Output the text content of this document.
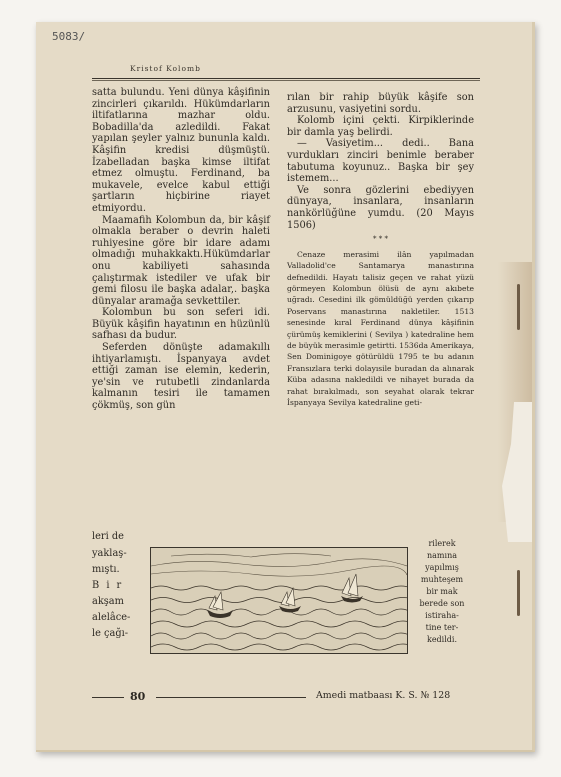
5083/
Kristof Kolomb

satta bulundu. Yeni dünya kâşifinin zincirleri çıkarıldı. Hükümdarların iltifatlarına mazhar oldu. Bobadilla'da azledildi. Fakat yapılan şeyler yalnız bununla kaldı. Kâşifin kredisi düşmüştü. İzabelladan başka kimse iltifat etmez olmuştu. Ferdinand, ba mukavele, evelce kabul ettiği şartların hiçbirine riayet etmiyordu.

Maamafih Kolombun da, bir kâşif olmakla beraber o devrin haleti ruhiyesine göre bir idare adamı olmadığı muhakkaktı.Hükümdarlar onu kabiliyeti sahasında çalıştırmak istediler ve ufak bir gemi filosu ile başka adalar,. başka dünyalar aramağa sevkettiler.

Kolombun bu son seferi idi. Büyük kâşifin hayatının en hüzünlü safhası da budur.

Seferden dönüşte adamakıllı ihtiyarlamıştı. İspanyaya avdet ettiği zaman ise elemin, kederin, ye'sin ve rutubetli zindanlarda kalmanın tesiri ile tamamen çökmüş, son gün

rılan bir rahip büyük kâşife son arzusunu, vasiyetini sordu.

Kolomb içini çekti. Kirpiklerinde bir damla yaş belirdi.

— Vasiyetim... dedi.. Bana vurdukları zinciri benimle beraber tabutuma koyunuz.. Başka bir şey istemem...

Ve sonra gözlerini ebediyyen dünyaya, insanlara, insanların nankörlüğüne yumdu. (20 Mayıs 1506)

* * *

Cenaze merasimi ilân yapılmadan Valladolid'ce Santamarya manastırına defnedildi. Hayatı talisiz geçen ve rahat yüzü görmeyen Kolombun ölüsü de aynı akıbete uğradı. Cesedini ilk gömüldüğü yerden çıkarıp Poservans manastırına nakletiler. 1513 senesinde kıral Ferdinand dünya kâşifinin çürümüş kemiklerini ( Sevilya ) katedraline hem de büyük merasimle getirtti. 1536da Amerikaya, Sen Dominigoye götürüldü 1795 te bu adanın Fransızlara terki dolayısile buradan da alınarak Küba adasına nakledildi ve nihayet burada da rahat bırakılmadı, son seyahat olarak tekrar İspanyaya Sevilya katedraline geti-

leri de
yaklaş-
mıştı.
B i r
akşam
alelâce-
le çağı-
rilerek
namına
yapılmış
muhteşem
bir mak
berede son
istiraha-
tine ter-
kedildi.
80	Amedi matbaası K. S. № 128
